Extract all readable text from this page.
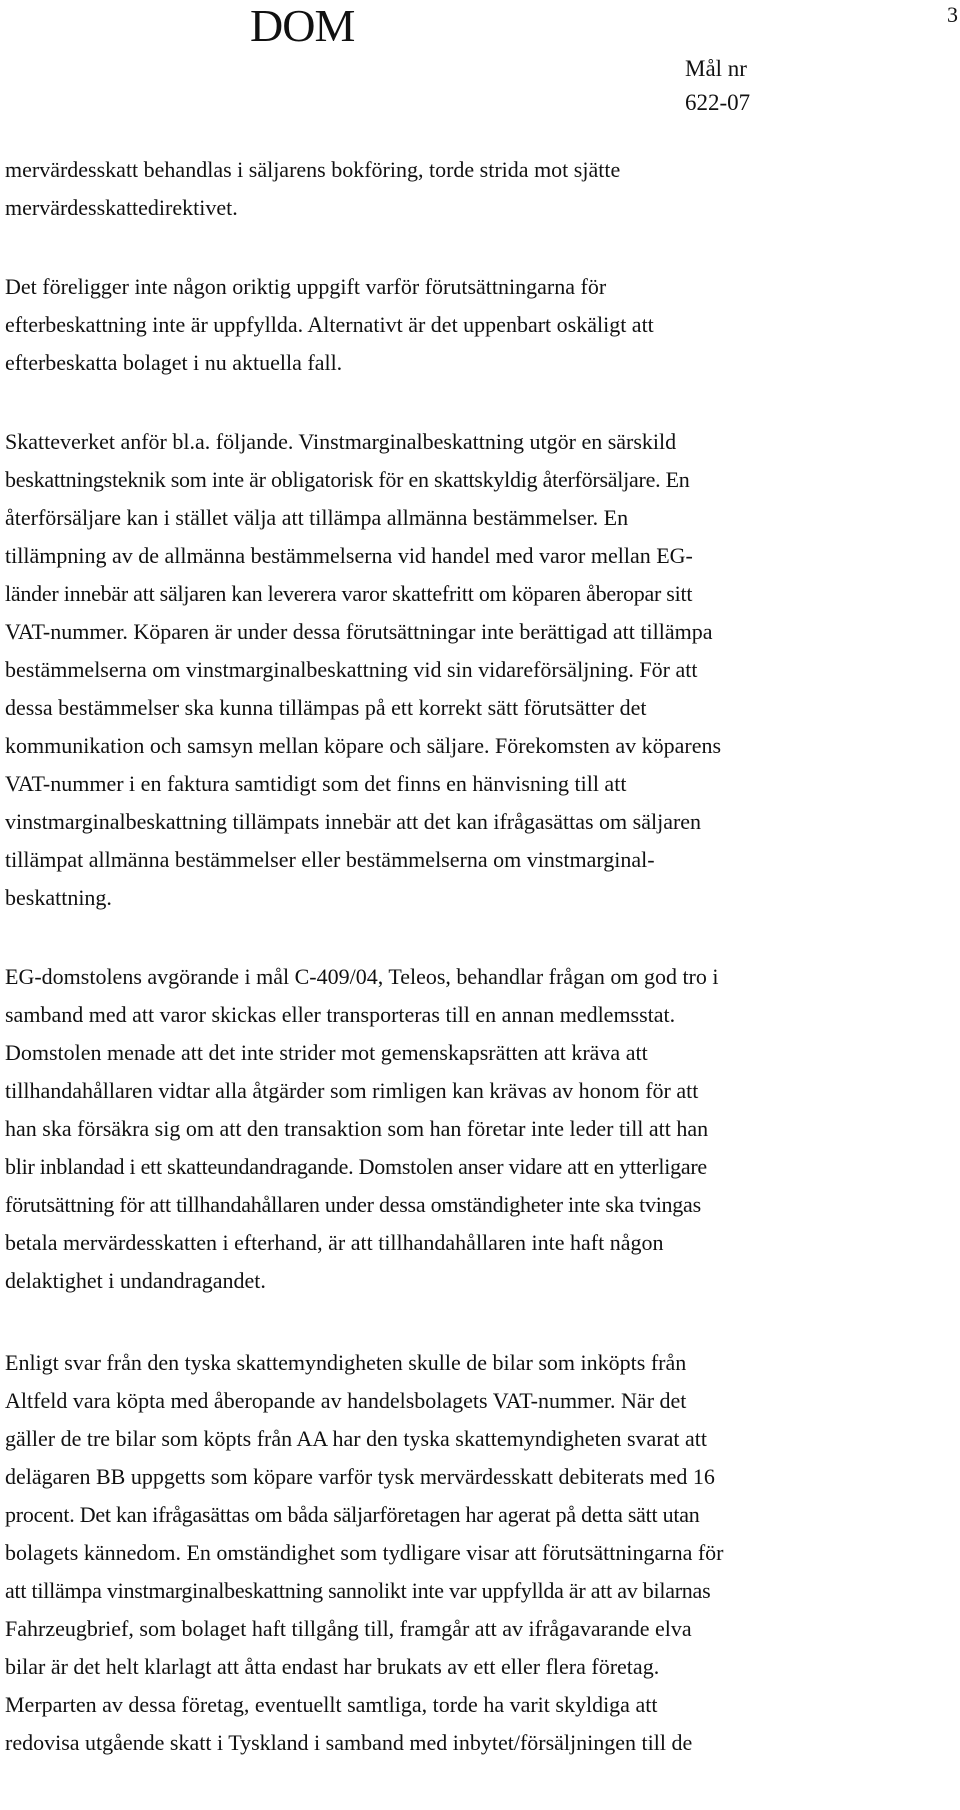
DOM	3
Mål nr
622-07
mervärdesskatt behandlas i säljarens bokföring, torde strida mot sjätte
mervärdesskattedirektivet.
Det föreligger inte någon oriktig uppgift varför förutsättningarna för
efterbeskattning inte är uppfyllda. Alternativt är det uppenbart oskäligt att
efterbeskatta bolaget i nu aktuella fall.
Skatteverket anför bl.a. följande. Vinstmarginalbeskattning utgör en särskild
beskattningsteknik som inte är obligatorisk för en skattskyldig återförsäljare. En
återförsäljare kan i stället välja att tillämpa allmänna bestämmelser. En
tillämpning av de allmänna bestämmelserna vid handel med varor mellan EG-
länder innebär att säljaren kan leverera varor skattefritt om köparen åberopar sitt
VAT-nummer. Köparen är under dessa förutsättningar inte berättigad att tillämpa
bestämmelserna om vinstmarginalbeskattning vid sin vidareförsäljning. För att
dessa bestämmelser ska kunna tillämpas på ett korrekt sätt förutsätter det
kommunikation och samsyn mellan köpare och säljare. Förekomsten av köparens
VAT-nummer i en faktura samtidigt som det finns en hänvisning till att
vinstmarginalbeskattning tillämpats innebär att det kan ifrågasättas om säljaren
tillämpat allmänna bestämmelser eller bestämmelserna om vinstmarginal-
beskattning.
EG-domstolens avgörande i mål C-409/04, Teleos, behandlar frågan om god tro i
samband med att varor skickas eller transporteras till en annan medlemsstat.
Domstolen menade att det inte strider mot gemenskapsrätten att kräva att
tillhandahållaren vidtar alla åtgärder som rimligen kan krävas av honom för att
han ska försäkra sig om att den transaktion som han företar inte leder till att han
blir inblandad i ett skatteundandragande. Domstolen anser vidare att en ytterligare
förutsättning för att tillhandahållaren under dessa omständigheter inte ska tvingas
betala mervärdesskatten i efterhand, är att tillhandahållaren inte haft någon
delaktighet i undandragandet.
Enligt svar från den tyska skattemyndigheten skulle de bilar som inköpts från
Altfeld vara köpta med åberopande av handelsbolagets VAT-nummer. När det
gäller de tre bilar som köpts från AA har den tyska skattemyndigheten svarat att
delägaren BB uppgetts som köpare varför tysk mervärdesskatt debiterats med 16
procent. Det kan ifrågasättas om båda säljarföretagen har agerat på detta sätt utan
bolagets kännedom. En omständighet som tydligare visar att förutsättningarna för
att tillämpa vinstmarginalbeskattning sannolikt inte var uppfyllda är att av bilarnas
Fahrzeugbrief, som bolaget haft tillgång till, framgår att av ifrågavarande elva
bilar är det helt klarlagt att åtta endast har brukats av ett eller flera företag.
Merparten av dessa företag, eventuellt samtliga, torde ha varit skyldiga att
redovisa utgående skatt i Tyskland i samband med inbytet/försäljningen till de
